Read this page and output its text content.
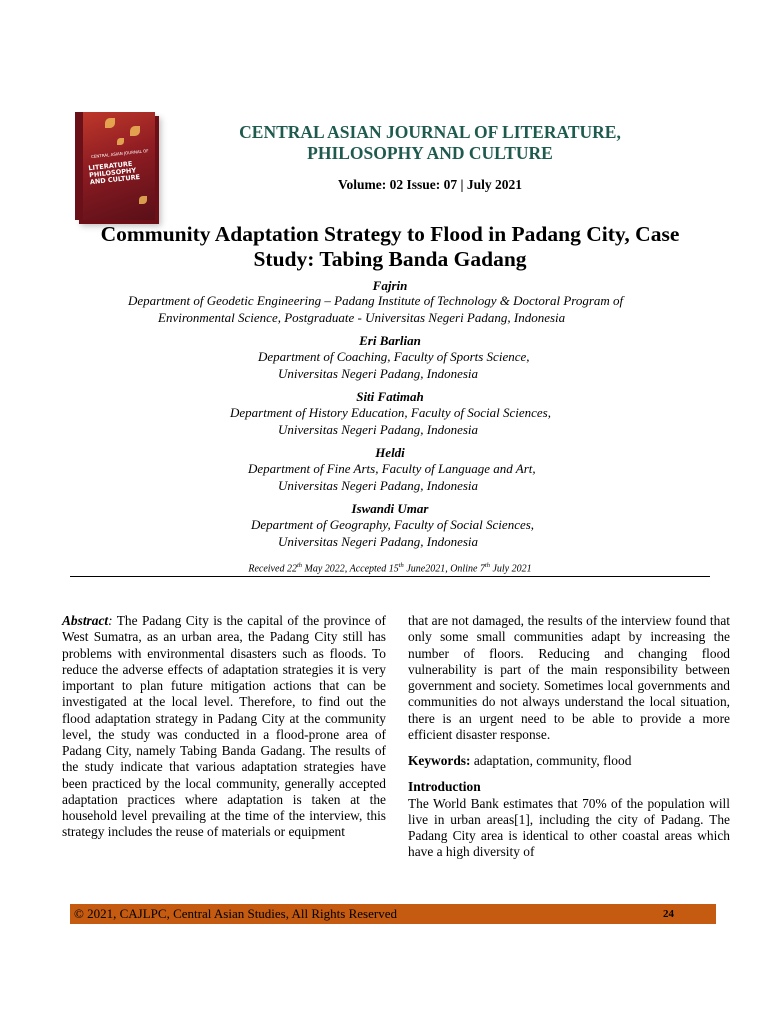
CENTRAL ASIAN JOURNAL OF
LITERATURE PHILOSOPHY AND CULTURE
CENTRAL ASIAN JOURNAL OF LITERATURE,
PHILOSOPHY AND CULTURE
Volume: 02 Issue: 07 | July 2021
Community Adaptation Strategy to Flood in Padang City, Case
Study: Tabing Banda Gadang
Fajrin
Department of Geodetic Engineering – Padang Institute of Technology & Doctoral Program of
Environmental Science, Postgraduate - Universitas Negeri Padang, Indonesia
Eri Barlian
Department of Coaching, Faculty of Sports Science,
Universitas Negeri Padang, Indonesia
Siti Fatimah
Department of History Education, Faculty of Social Sciences,
Universitas Negeri Padang, Indonesia
Heldi
Department of Fine Arts, Faculty of Language and Art,
Universitas Negeri Padang, Indonesia
Iswandi Umar
Department of Geography, Faculty of Social Sciences,
Universitas Negeri Padang, Indonesia
Received 22th May 2022, Accepted 15th June2021, Online 7th July 2021

Abstract: The Padang City is the capital of the province of West Sumatra, as an urban area, the Padang City still has problems with environmental disasters such as floods. To reduce the adverse effects of adaptation strategies it is very important to plan future mitigation actions that can be investigated at the local level. Therefore, to find out the flood adaptation strategy in Padang City at the community level, the study was conducted in a flood-prone area of Padang City, namely Tabing Banda Gadang. The results of the study indicate that various adaptation strategies have been practiced by the local community, generally accepted adaptation practices where adaptation is taken at the household level prevailing at the time of the interview, this strategy includes the reuse of materials or equipment

that are not damaged, the results of the interview found that only some small communities adapt by increasing the number of floors. Reducing and changing flood vulnerability is part of the main responsibility between government and society. Sometimes local governments and communities do not always understand the local situation, there is an urgent need to be able to provide a more efficient disaster response.

Keywords: adaptation, community, flood

Introduction

The World Bank estimates that 70% of the population will live in urban areas[1], including the city of Padang. The Padang City area is identical to other coastal areas which have a high diversity of

© 2021, CAJLPC, Central Asian Studies, All Rights Reserved	24
